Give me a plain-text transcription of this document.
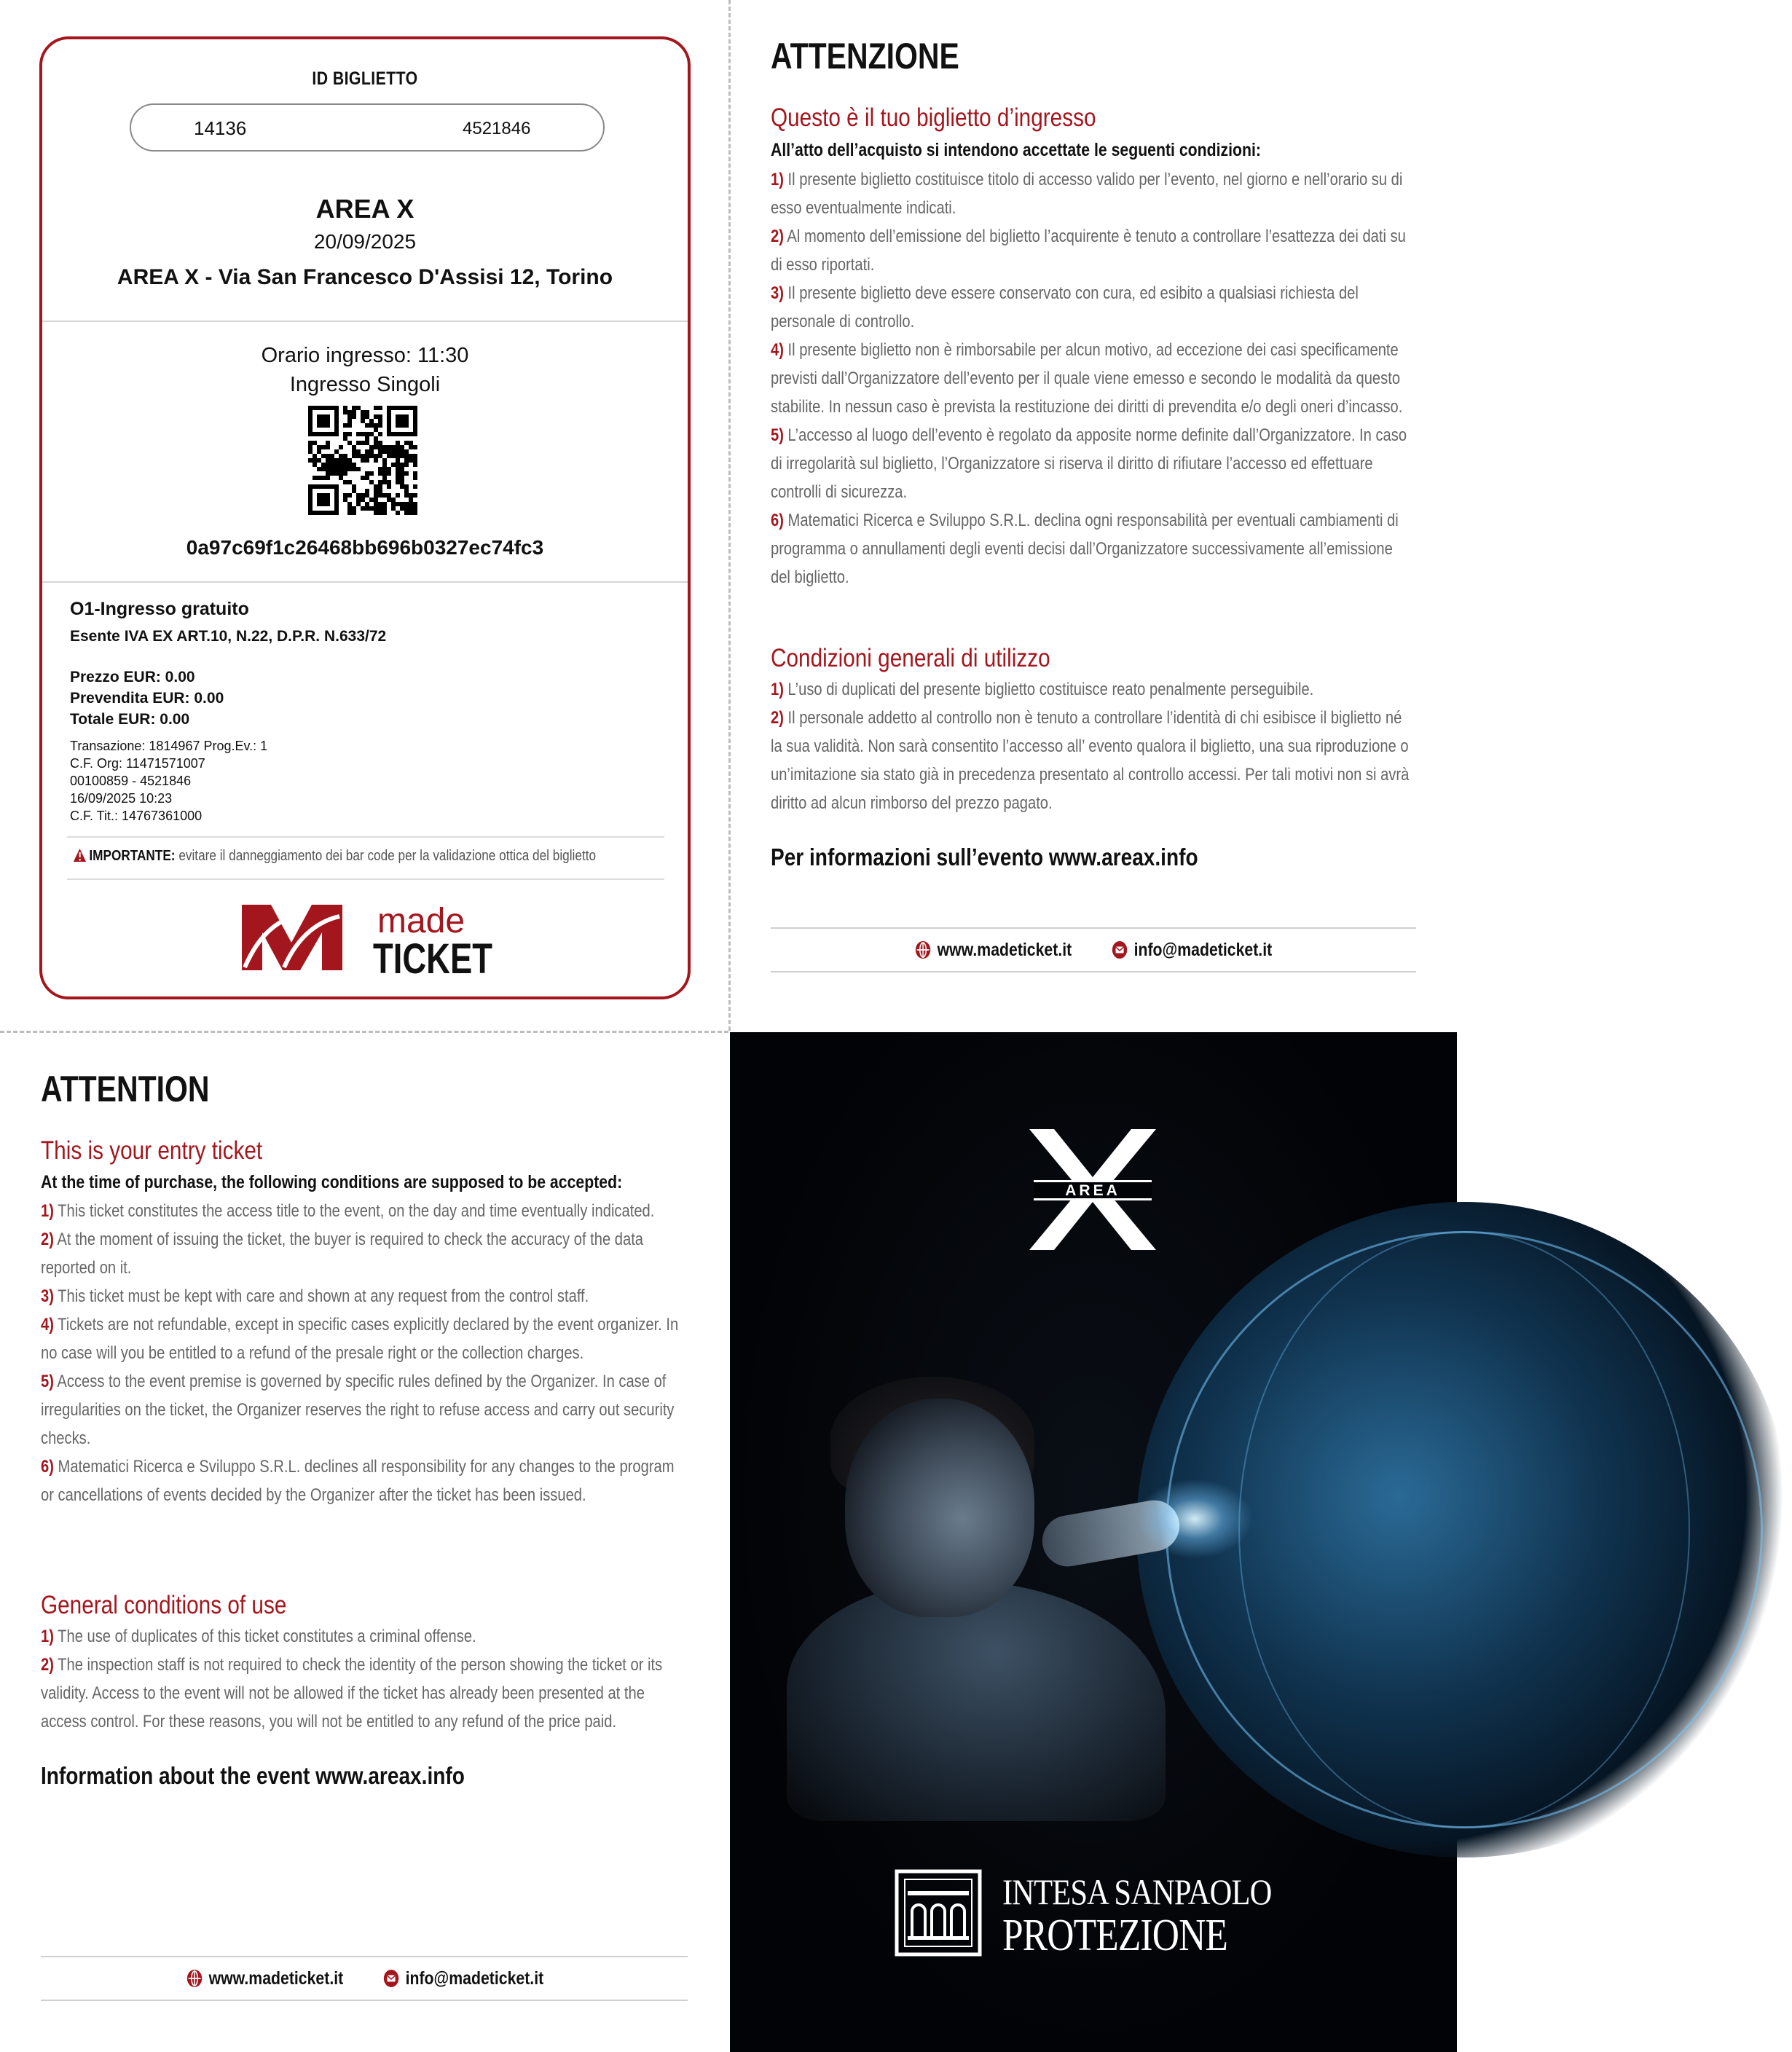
ID BIGLIETTO
14136	4521846
AREA X
20/09/2025
AREA X - Via San Francesco D'Assisi 12, Torino
Orario ingresso: 11:30
Ingresso Singoli
0a97c69f1c26468bb696b0327ec74fc3
O1-Ingresso gratuito
Esente IVA EX ART.10, N.22, D.P.R. N.633/72
Prezzo EUR: 0.00
Prevendita EUR: 0.00
Totale EUR: 0.00
Transazione: 1814967 Prog.Ev.: 1
C.F. Org: 11471571007
00100859 - 4521846
16/09/2025 10:23
C.F. Tit.: 14767361000
IMPORTANTE: evitare il danneggiamento dei bar code per la validazione ottica del biglietto
made
TICKET
ATTENZIONE
Questo è il tuo biglietto d’ingresso
All’atto dell’acquisto si intendono accettate le seguenti condizioni:
1) Il presente biglietto costituisce titolo di accesso valido per l’evento, nel giorno e nell’orario su di esso eventualmente indicati.
2) Al momento dell’emissione del biglietto l’acquirente è tenuto a controllare l’esattezza dei dati su di esso riportati.
3) Il presente biglietto deve essere conservato con cura, ed esibito a qualsiasi richiesta del personale di controllo.
4) Il presente biglietto non è rimborsabile per alcun motivo, ad eccezione dei casi specificamente previsti dall’Organizzatore dell’evento per il quale viene emesso e secondo le modalità da questo stabilite. In nessun caso è prevista la restituzione dei diritti di prevendita e/o degli oneri d’incasso.
5) L’accesso al luogo dell’evento è regolato da apposite norme definite dall’Organizzatore. In caso di irregolarità sul biglietto, l’Organizzatore si riserva il diritto di rifiutare l’accesso ed effettuare controlli di sicurezza.
6) Matematici Ricerca e Sviluppo S.R.L. declina ogni responsabilità per eventuali cambiamenti di programma o annullamenti degli eventi decisi dall’Organizzatore successivamente all’emissione del biglietto.
Condizioni generali di utilizzo
1) L’uso di duplicati del presente biglietto costituisce reato penalmente perseguibile.
2) Il personale addetto al controllo non è tenuto a controllare l’identità di chi esibisce il biglietto né la sua validità. Non sarà consentito l’accesso all’ evento qualora il biglietto, una sua riproduzione o un’imitazione sia stato già in precedenza presentato al controllo accessi. Per tali motivi non si avrà diritto ad alcun rimborso del prezzo pagato.
Per informazioni sull’evento www.areax.info
www.madeticket.it	info@madeticket.it
ATTENTION
This is your entry ticket
At the time of purchase, the following conditions are supposed to be accepted:
1) This ticket constitutes the access title to the event, on the day and time eventually indicated.
2) At the moment of issuing the ticket, the buyer is required to check the accuracy of the data reported on it.
3) This ticket must be kept with care and shown at any request from the control staff.
4) Tickets are not refundable, except in specific cases explicitly declared by the event organizer. In no case will you be entitled to a refund of the presale right or the collection charges.
5) Access to the event premise is governed by specific rules defined by the Organizer. In case of irregularities on the ticket, the Organizer reserves the right to refuse access and carry out security checks.
6) Matematici Ricerca e Sviluppo S.R.L. declines all responsibility for any changes to the program or cancellations of events decided by the Organizer after the ticket has been issued.
General conditions of use
1) The use of duplicates of this ticket constitutes a criminal offense.
2) The inspection staff is not required to check the identity of the person showing the ticket or its validity. Access to the event will not be allowed if the ticket has already been presented at the access control. For these reasons, you will not be entitled to any refund of the price paid.
Information about the event www.areax.info
www.madeticket.it	info@madeticket.it
AREA
INTESA SANPAOLO
PROTEZIONE
